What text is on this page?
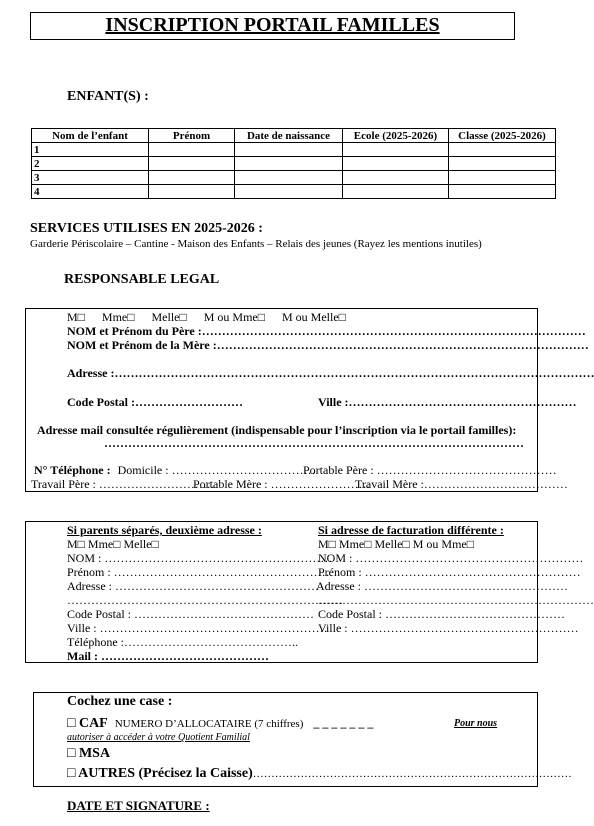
INSCRIPTION PORTAIL FAMILLES
ENFANT(S) :
Nom de l’enfant	Prénom	Date de naissance	Ecole (2025-2026)	Classe (2025-2026)
1				
2				
3				
4				
SERVICES UTILISES EN 2025-2026 :
Garderie Périscolaire – Cantine - Maison des Enfants – Relais des jeunes (Rayez les mentions inutiles)
RESPONSABLE LEGAL
M□ Mme□ Melle□ M ou Mme□ M ou Melle□
NOM et Prénom du Père :……………………………………………………………………………………
NOM et Prénom de la Mère :…………………………………………………………………………………
Adresse :…………………………………………………………………………………………………………
Code Postal :………………………	Ville :…………………………………………………
Adresse mail consultée régulièrement (indispensable pour l’inscription via le portail familles):
……………………………………………………………………………………………
N° Téléphone : Domicile : ………………………………
Portable Père : ………………………………………
Travail Père : …………………………
Portable Mère : …………………….
Travail Mère :………………………………
Si parents séparés, deuxième adresse :
M□ Mme□ Melle□
NOM : …………………………………………………
Prénom : ………………………………………………
Adresse : ……………………………………………
……………………………………………………………
Code Postal : ………………………………………
Ville : …………………………………………………
Téléphone :……………………………………..
Mail : ……………………………………
Si adresse de facturation différente :
M□ Mme□ Melle□ M ou Mme□
NOM : …………………………………………………
Prénom : ………………………………………………
Adresse : ……………………………………………
……………………………………………………………
Code Postal : ………………………………………
Ville : …………………………………………………
Cochez une case :
□ CAF NUMERO D’ALLOCATAIRE (7 chiffres) _ _ _ _ _ _ _	Pour nous
autoriser à accéder à votre Quotient Familial
□ MSA
□ AUTRES (Précisez la Caisse)……………………………………………………………………………
DATE ET SIGNATURE :
